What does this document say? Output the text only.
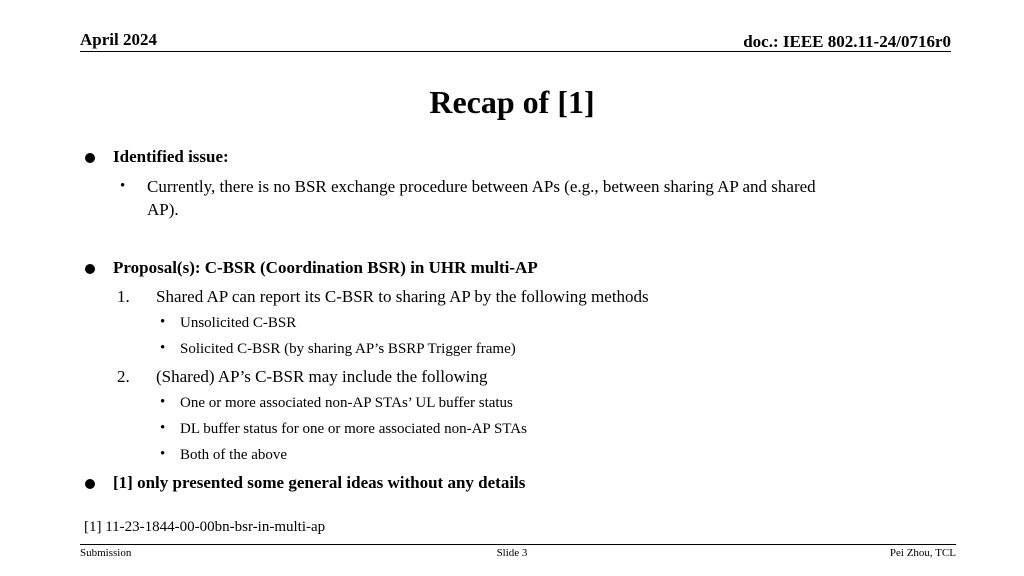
April 2024	doc.: IEEE 802.11-24/0716r0
Recap of [1]
Identified issue:
• Currently, there is no BSR exchange procedure between APs (e.g., between sharing AP and shared
AP).
Proposal(s): C-BSR (Coordination BSR) in UHR multi-AP
1. Shared AP can report its C-BSR to sharing AP by the following methods
• Unsolicited C-BSR
• Solicited C-BSR (by sharing AP’s BSRP Trigger frame)
2. (Shared) AP’s C-BSR may include the following
• One or more associated non-AP STAs’ UL buffer status
• DL buffer status for one or more associated non-AP STAs
• Both of the above
[1] only presented some general ideas without any details
[1] 11-23-1844-00-00bn-bsr-in-multi-ap
Submission	Slide 3	Pei Zhou, TCL
